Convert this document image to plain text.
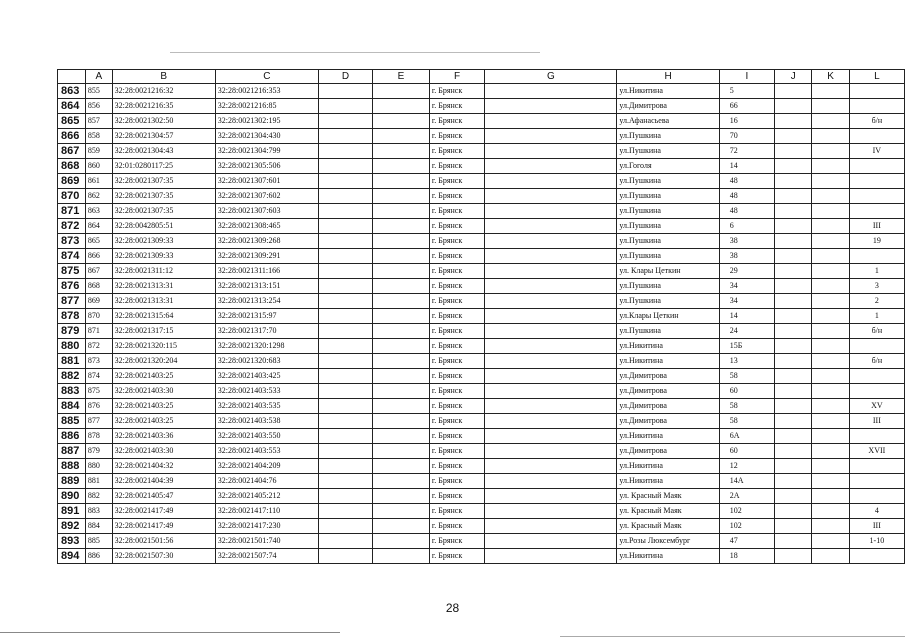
	A	B	C	D	E	F	G	H	I	J	K	L
863	855	32:28:0021216:32	32:28:0021216:353			г. Брянск		ул.Никитина	5			
864	856	32:28:0021216:35	32:28:0021216:85			г. Брянск		ул.Димитрова	66			
865	857	32:28:0021302:50	32:28:0021302:195			г. Брянск		ул.Афанасьева	16			б/н
866	858	32:28:0021304:57	32:28:0021304:430			г. Брянск		ул.Пушкина	70			
867	859	32:28:0021304:43	32:28:0021304:799			г. Брянск		ул.Пушкина	72			IV
868	860	32:01:0280117:25	32:28:0021305:506			г. Брянск		ул.Гоголя	14			
869	861	32:28:0021307:35	32:28:0021307:601			г. Брянск		ул.Пушкина	48			
870	862	32:28:0021307:35	32:28:0021307:602			г. Брянск		ул.Пушкина	48			
871	863	32:28:0021307:35	32:28:0021307:603			г. Брянск		ул.Пушкина	48			
872	864	32:28:0042805:51	32:28:0021308:465			г. Брянск		ул.Пушкина	6			III
873	865	32:28:0021309:33	32:28:0021309:268			г. Брянск		ул.Пушкина	38			19
874	866	32:28:0021309:33	32:28:0021309:291			г. Брянск		ул.Пушкина	38			
875	867	32:28:0021311:12	32:28:0021311:166			г. Брянск		ул. Клары Цеткин	29			1
876	868	32:28:0021313:31	32:28:0021313:151			г. Брянск		ул.Пушкина	34			3
877	869	32:28:0021313:31	32:28:0021313:254			г. Брянск		ул.Пушкина	34			2
878	870	32:28:0021315:64	32:28:0021315:97			г. Брянск		ул.Клары Цеткин	14			1
879	871	32:28:0021317:15	32:28:0021317:70			г. Брянск		ул.Пушкина	24			б/н
880	872	32:28:0021320:115	32:28:0021320:1298			г. Брянск		ул.Никитина	15Б			
881	873	32:28:0021320:204	32:28:0021320:683			г. Брянск		ул.Никитина	13			б/н
882	874	32:28:0021403:25	32:28:0021403:425			г. Брянск		ул.Димитрова	58			
883	875	32:28:0021403:30	32:28:0021403:533			г. Брянск		ул.Димитрова	60			
884	876	32:28:0021403:25	32:28:0021403:535			г. Брянск		ул.Димитрова	58			XV
885	877	32:28:0021403:25	32:28:0021403:538			г. Брянск		ул.Димитрова	58			III
886	878	32:28:0021403:36	32:28:0021403:550			г. Брянск		ул.Никитина	6А			
887	879	32:28:0021403:30	32:28:0021403:553			г. Брянск		ул.Димитрова	60			XVII
888	880	32:28:0021404:32	32:28:0021404:209			г. Брянск		ул.Никитина	12			
889	881	32:28:0021404:39	32:28:0021404:76			г. Брянск		ул.Никитина	14А			
890	882	32:28:0021405:47	32:28:0021405:212			г. Брянск		ул. Красный Маяк	2А			
891	883	32:28:0021417:49	32:28:0021417:110			г. Брянск		ул. Красный Маяк	102			4
892	884	32:28:0021417:49	32:28:0021417:230			г. Брянск		ул. Красный Маяк	102			III
893	885	32:28:0021501:56	32:28:0021501:740			г. Брянск		ул.Розы Люксембург	47			1-10
894	886	32:28:0021507:30	32:28:0021507:74			г. Брянск		ул.Никитина	18			
28
